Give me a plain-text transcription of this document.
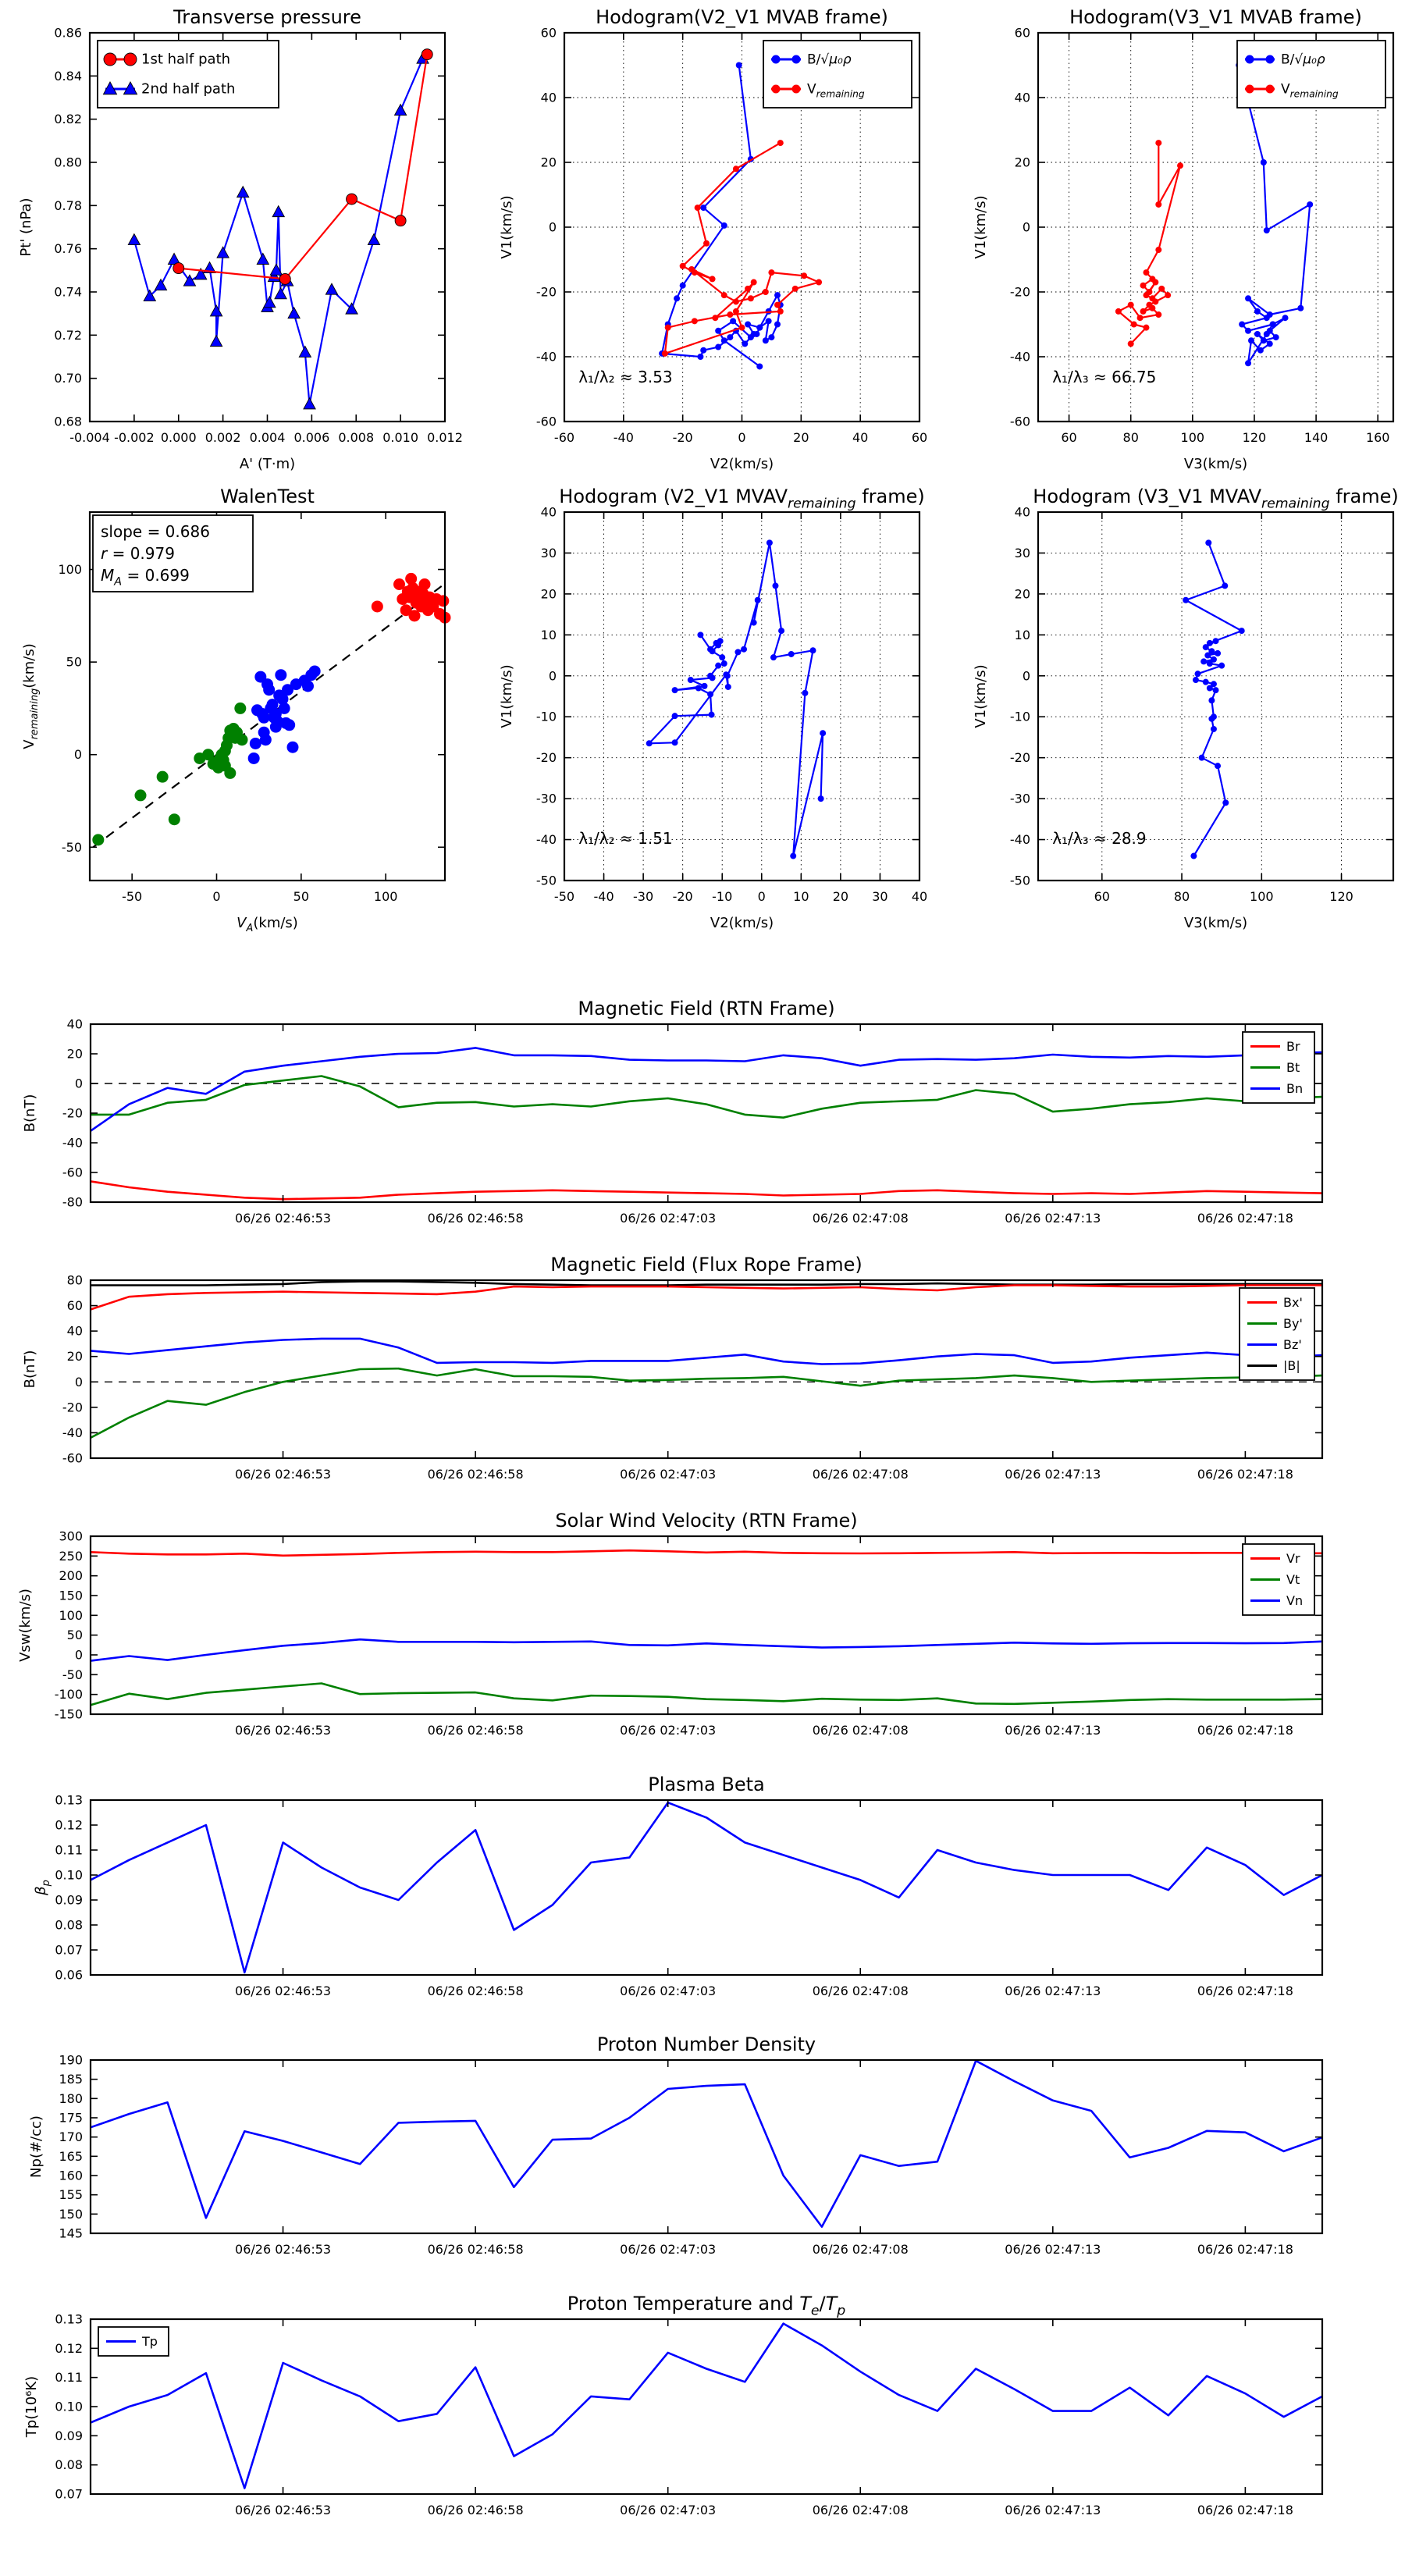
-0.004 -0.002 0.000 0.002 0.004 0.006 0.008 0.010 0.012
0.68
0.70
0.72
0.74
0.76
0.78
0.80
0.82
0.84
0.86
Transverse pressure
A' (T·m)
Pt' (nPa)
1st half path
2nd half path
-60	-40	-20	0	20	40	60
-60
-40
-20
0
20
40
60
Hodogram(V2_V1 MVAB frame)
V2(km/s)
V1(km/s)
λ₁/λ₂ ≈ 3.53
B/√μ₀ρ
$V_{remaining}$
60	80	100	120	140	160
-60
-40
-20
0
20
40
60
Hodogram(V3_V1 MVAB frame)
V3(km/s)
V1(km/s)
λ₁/λ₃ ≈ 66.75
B/√μ₀ρ
$V_{remaining}$
-50	0	50	100
-50
0
50
100
WalenTest
$V_A(km/s)$
$V_{remaining}(km/s)$
slope = 0.686
r = 0.979
$M_A = 0.699$
-50 -40 -30 -20 -10 0 10 20 30 40
-50
-40
-30
-20
-10
0
10
20
30
40
Hodogram (V2_V1 $MVAV_{remaining}$ frame)
V2(km/s)
V1(km/s)
λ₁/λ₂ ≈ 1.51
60	80	100	120
-50
-40
-30
-20
-10
0
10
20
30
40
Hodogram (V3_V1 $MVAV_{remaining}$ frame)
V3(km/s)
V1(km/s)
λ₁/λ₃ ≈ 28.9
06/26 02:46:53	06/26 02:46:58	06/26 02:47:03	06/26 02:47:08	06/26 02:47:13	06/26 02:47:18
-80
-60
-40
-20
0
20
40
Magnetic Field (RTN Frame)
B(nT)
Br
Bt
Bn
06/26 02:46:53	06/26 02:46:58	06/26 02:47:03	06/26 02:47:08	06/26 02:47:13	06/26 02:47:18
-60
-40
-20
0
20
40
60
80
Magnetic Field (Flux Rope Frame)
B(nT)
Bx'
By'
Bz'
|B|
06/26 02:46:53	06/26 02:46:58	06/26 02:47:03	06/26 02:47:08	06/26 02:47:13	06/26 02:47:18
-150
-100
-50
0
50
100
150
200
250
300
Solar Wind Velocity (RTN Frame)
Vsw(km/s)
Vr
Vt
Vn
06/26 02:46:53	06/26 02:46:58	06/26 02:47:03	06/26 02:47:08	06/26 02:47:13	06/26 02:47:18
0.06
0.07
0.08
0.09
0.10
0.11
0.12
0.13
Plasma Beta
$\beta_p$
06/26 02:46:53	06/26 02:46:58	06/26 02:47:03	06/26 02:47:08	06/26 02:47:13	06/26 02:47:18
145
150
155
160
165
170
175
180
185
190
Proton Number Density
Np(#/cc)
06/26 02:46:53	06/26 02:46:58	06/26 02:47:03	06/26 02:47:08	06/26 02:47:13	06/26 02:47:18
0.07
0.08
0.09
0.10
0.11
0.12
0.13
Proton Temperature and $T_e/T_p$
Tp(10⁶K)
Tp
